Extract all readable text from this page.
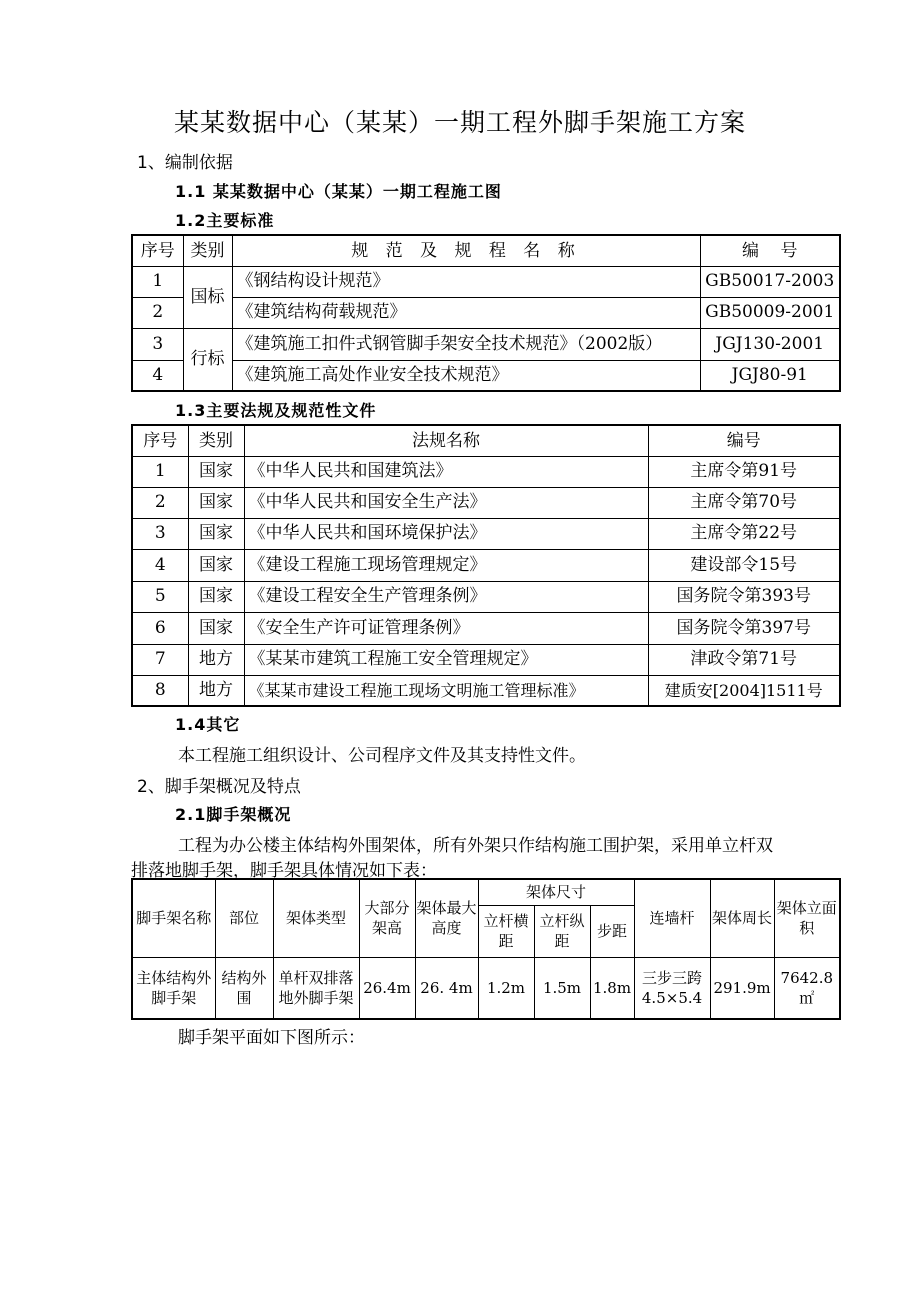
某某数据中心（某某）一期工程外脚手架施工方案
1、编制依据
1.1 某某数据中心（某某）一期工程施工图
1.2主要标准
序号	类别	规 范 及 规 程 名 称	编    号
1	国标	《钢结构设计规范》	GB50017-2003
2		《建筑结构荷载规范》	GB50009-2001
3	行标	《建筑施工扣件式钢管脚手架安全技术规范》（2002版）	JGJ130-2001
4		《建筑施工高处作业安全技术规范》	JGJ80-91
1.3主要法规及规范性文件
序号	类别	法规名称	编号
1	国家	《中华人民共和国建筑法》	主席令第91号
2	国家	《中华人民共和国安全生产法》	主席令第70号
3	国家	《中华人民共和国环境保护法》	主席令第22号
4	国家	《建设工程施工现场管理规定》	建设部令15号
5	国家	《建设工程安全生产管理条例》	国务院令第393号
6	国家	《安全生产许可证管理条例》	国务院令第397号
7	地方	《某某市建筑工程施工安全管理规定》	津政令第71号
8	地方	《某某市建设工程施工现场文明施工管理标准》	建质安[2004]1511号
1.4其它
本工程施工组织设计、公司程序文件及其支持性文件。
2、脚手架概况及特点
2.1脚手架概况
工程为办公楼主体结构外围架体，所有外架只作结构施工围护架，采用单立杆双
排落地脚手架，脚手架具体情况如下表：
脚手架名称	部位	架体类型	大部分架高	架体最大高度	架体尺寸			连墙杆	架体周长	架体立面积
					立杆横距	立杆纵距	步距			
主体结构外脚手架	结构外围	单杆双排落地外脚手架	26.4m	26. 4m	1.2m	1.5m	1.8m	三步三跨4.5×5.4	291.9m	7642.8㎡
脚手架平面如下图所示：
